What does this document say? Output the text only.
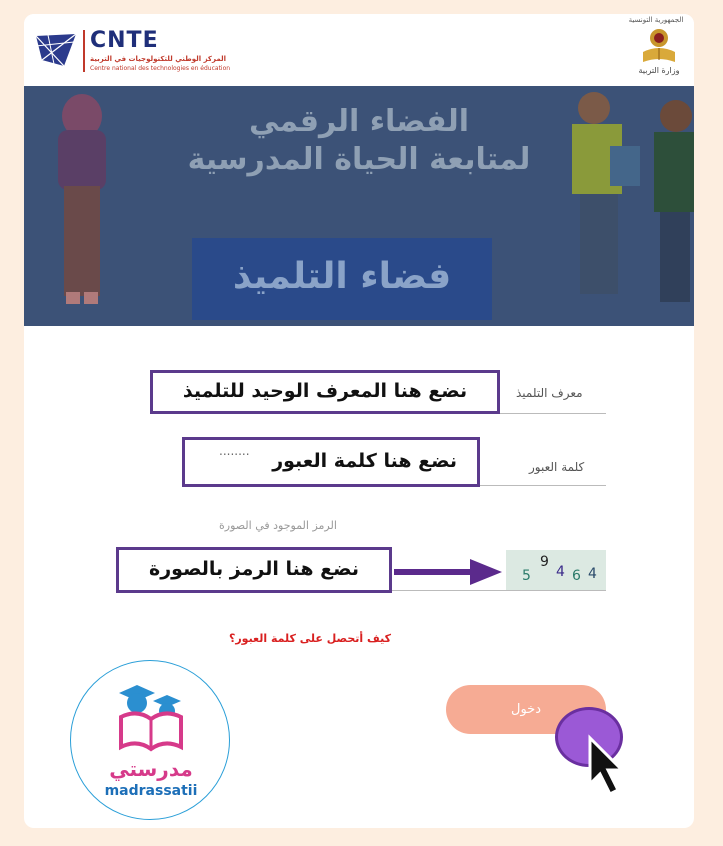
CNTE
المركز الوطني للتكنولوجيات في التربية
Centre national des technologies en éducation
الجمهورية التونسية
وزارة التربية
الفضاء الرقمي
لمتابعة الحياة المدرسية
فضاء التلميذ
معرف التلميذ
نضع هنا المعرف الوحيد للتلميذ
كلمة العبور
........ نضع هنا كلمة العبور
الرمز الموجود في الصورة
نضع هنا الرمز بالصورة	5
9
4 6 4
كيف أتحصل على كلمة العبور؟
دخول
مدرستي
madrassatii
